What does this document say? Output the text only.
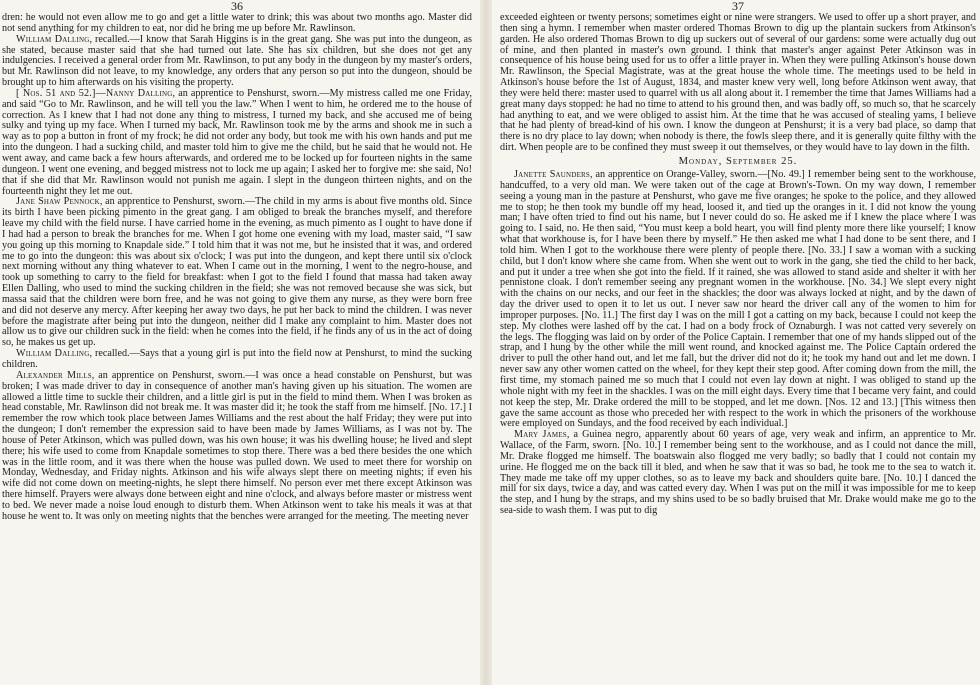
36

dren: he would not even allow me to go and get a little water to drink; this was about two months ago. Master did not send anything for my children to eat, nor did he bring me up before Mr. Rawlinson.

William Dalling, recalled.—I know that Sarah Higgins is in the great gang. She was put into the dungeon, as she stated, because master said that she had turned out late. She has six children, but she does not get any indulgencies. I received a general order from Mr. Rawlinson, to put any body in the dungeon by my master's orders, but Mr. Rawlinson did not leave, to my knowledge, any orders that any person so put into the dungeon, should be brought up to him afterwards on his visiting the property.

[ Nos. 51 and 52.]—Nanny Dalling, an apprentice to Penshurst, sworn.—My mistress called me one Friday, and said “Go to Mr. Rawlinson, and he will tell you the law.” When I went to him, he ordered me to the house of correction. As I knew that I had not done any thing to mistress, I turned my back, and she accused me of being sulky and tying up my face. When I turned my back, Mr. Rawlinson took me by the arms and shook me in such a way as to pop a button in front of my frock; he did not order any body, but took me with his own hands and put me into the dungeon. I had a sucking child, and master told him to give me the child, but he said that he would not. He went away, and came back a few hours afterwards, and ordered me to be locked up for fourteen nights in the same dungeon. I went one evening, and begged mistress not to lock me up again; I asked her to forgive me: she said, No! that if she did that Mr. Rawlinson would not punish me again. I slept in the dungeon thirteen nights, and on the fourteenth night they let me out.

Jane Shaw Pennock, an apprentice to Penshurst, sworn.—The child in my arms is about five months old. Since its birth I have been picking pimento in the great gang. I am obliged to break the branches myself, and therefore leave my child with the field nurse. I have carried home in the evening, as much pimento as I ought to have done if I had had a person to break the branches for me. When I got home one evening with my load, master said, “I saw you going up this morning to Knapdale side.” I told him that it was not me, but he insisted that it was, and ordered me to go into the dungeon: this was about six o'clock; I was put into the dungeon, and kept there until six o'clock next morning without any thing whatever to eat. When I came out in the morning, I went to the negro-house, and took up something to carry to the field for breakfast: when I got to the field I found that massa had taken away Ellen Dalling, who used to mind the sucking children in the field; she was not removed because she was sick, but massa said that the children were born free, and he was not going to give them any nurse, as they were born free and did not deserve any mercy. After keeping her away two days, he put her back to mind the children. I was never before the magistrate after being put into the dungeon, neither did I make any complaint to him. Master does not allow us to give our children suck in the field: when he comes into the field, if he finds any of us in the act of doing so, he makes us get up.

William Dalling, recalled.—Says that a young girl is put into the field now at Penshurst, to mind the sucking children.

Alexander Mills, an apprentice on Penshurst, sworn.—I was once a head constable on Penshurst, but was broken; I was made driver to day in consequence of another man's having given up his situation. The women are allowed a little time to suckle their children, and a little girl is put in the field to mind them. When I was broken as head constable, Mr. Rawlinson did not break me. It was master did it; he took the staff from me himself. [No. 17.] I remember the row which took place between James Williams and the rest about the half Friday; they were put into the dungeon; I don't remember the expression said to have been made by James Williams, as I was not by. The house of Peter Atkinson, which was pulled down, was his own house; it was his dwelling house; he lived and slept there; his wife used to come from Knapdale sometimes to stop there. There was a bed there besides the one which was in the little room, and it was there when the house was pulled down. We used to meet there for worship on Monday, Wednesday, and Friday nights. Atkinson and his wife always slept there on meeting nights; if even his wife did not come down on meeting-nights, he slept there himself. No person ever met there except Atkinson was there himself. Prayers were always done between eight and nine o'clock, and always before master or mistress went to bed. We never made a noise loud enough to disturb them. When Atkinson went to take his meals it was at that house he went to. It was only on meeting nights that the benches were arranged for the meeting. The meeting never

37

exceeded eighteen or twenty persons; sometimes eight or nine were strangers. We used to offer up a short prayer, and then sing a hymn. I remember when master ordered Thomas Brown to dig up the plantain suckers from Atkinson's garden. He also ordered Thomas Brown to dig up suckers out of several of our gardens: some were actually dug out of mine, and then planted in master's own ground. I think that master's anger against Peter Atkinson was in consequence of his house being used for us to offer a little prayer in. When they were pulling Atkinson's house down Mr. Rawlinson, the Special Magistrate, was at the great house the whole time. The meetings used to be held in Atkinson's house before the 1st of August, 1834, and master knew very well, long before Atkinson went away, that they were held there: master used to quarrel with us all along about it. I remember the time that James Williams had a great many days stopped: he had no time to attend to his ground then, and was badly off, so much so, that he scarcely had anything to eat, and we were obliged to assist him. At the time that he was accused of stealing yams, I believe that he had plenty of bread-kind of his own. I know the dungeon at Penshurst; it is a very bad place, so damp that there is no dry place to lay down; when nobody is there, the fowls sleep there, and it is generally quite filthy with the dirt. When people are to be confined they must sweep it out themselves, or they would have to lay down in the filth.

Monday, September 25.

Janette Saunders, an apprentice on Orange-Valley, sworn.—[No. 49.] I remember being sent to the workhouse, handcuffed, to a very old man. We were taken out of the cage at Brown's-Town. On my way down, I remember seeing a young man in the pasture at Penshurst, who gave me five oranges; he spoke to the police, and they allowed me to stop; he then took my bundle off my head, loosed it, and tied up the oranges in it. I did not know the young man; I have often tried to find out his name, but I never could do so. He asked me if I knew the place where I was going to. I said, no. He then said, “You must keep a bold heart, you will find plenty more there like yourself; I know what that workhouse is, for I have been there by myself.” He then asked me what I had done to be sent there, and I told him. When I got to the workhouse there were plenty of people there. [No. 33.] I saw a woman with a sucking child, but I don't know where she came from. When she went out to work in the gang, she tied the child to her back, and put it under a tree when she got into the field. If it rained, she was allowed to stand aside and shelter it with her pennistone cloak. I don't remember seeing any pregnant women in the workhouse. [No. 34.] We slept every night with the chains on our necks, and our feet in the shackles; the door was always locked at night, and by the dawn of day the driver used to open it to let us out. I never saw nor heard the driver call any of the women to him for improper purposes. [No. 11.] The first day I was on the mill I got a catting on my back, because I could not keep the step. My clothes were lashed off by the cat. I had on a body frock of Oznaburgh. I was not catted very severely on the legs. The flogging was laid on by order of the Police Captain. I remember that one of my hands slipped out of the strap, and I hung by the other while the mill went round, and knocked against me. The Police Captain ordered the driver to pull the other hand out, and let me fall, but the driver did not do it; he took my hand out and let me down. I never saw any other women catted on the wheel, for they kept their step good. After coming down from the mill, the first time, my stomach pained me so much that I could not even lay down at night. I was obliged to stand up the whole night with my feet in the shackles. I was on the mill eight days. Every time that I became very faint, and could not keep the step, Mr. Drake ordered the mill to be stopped, and let me down. [Nos. 12 and 13.] [This witness then gave the same account as those who preceded her with respect to the work in which the prisoners of the workhouse were employed on Sundays, and the food received by each individual.]

Mary James, a Guinea negro, apparently about 60 years of age, very weak and infirm, an apprentice to Mr. Wallace, of the Farm, sworn. [No. 10.] I remember being sent to the workhouse, and as I could not dance the mill, Mr. Drake flogged me himself. The boatswain also flogged me very badly; so badly that I could not contain my urine. He flogged me on the back till it bled, and when he saw that it was so bad, he took me to the sea to watch it. They made me take off my upper clothes, so as to leave my back and shoulders quite bare. [No. 10.] I danced the mill for six days, twice a day, and was catted every day. When I was put on the mill it was impossible for me to keep the step, and I hung by the straps, and my shins used to be so badly bruised that Mr. Drake would make me go to the sea-side to wash them. I was put to dig
